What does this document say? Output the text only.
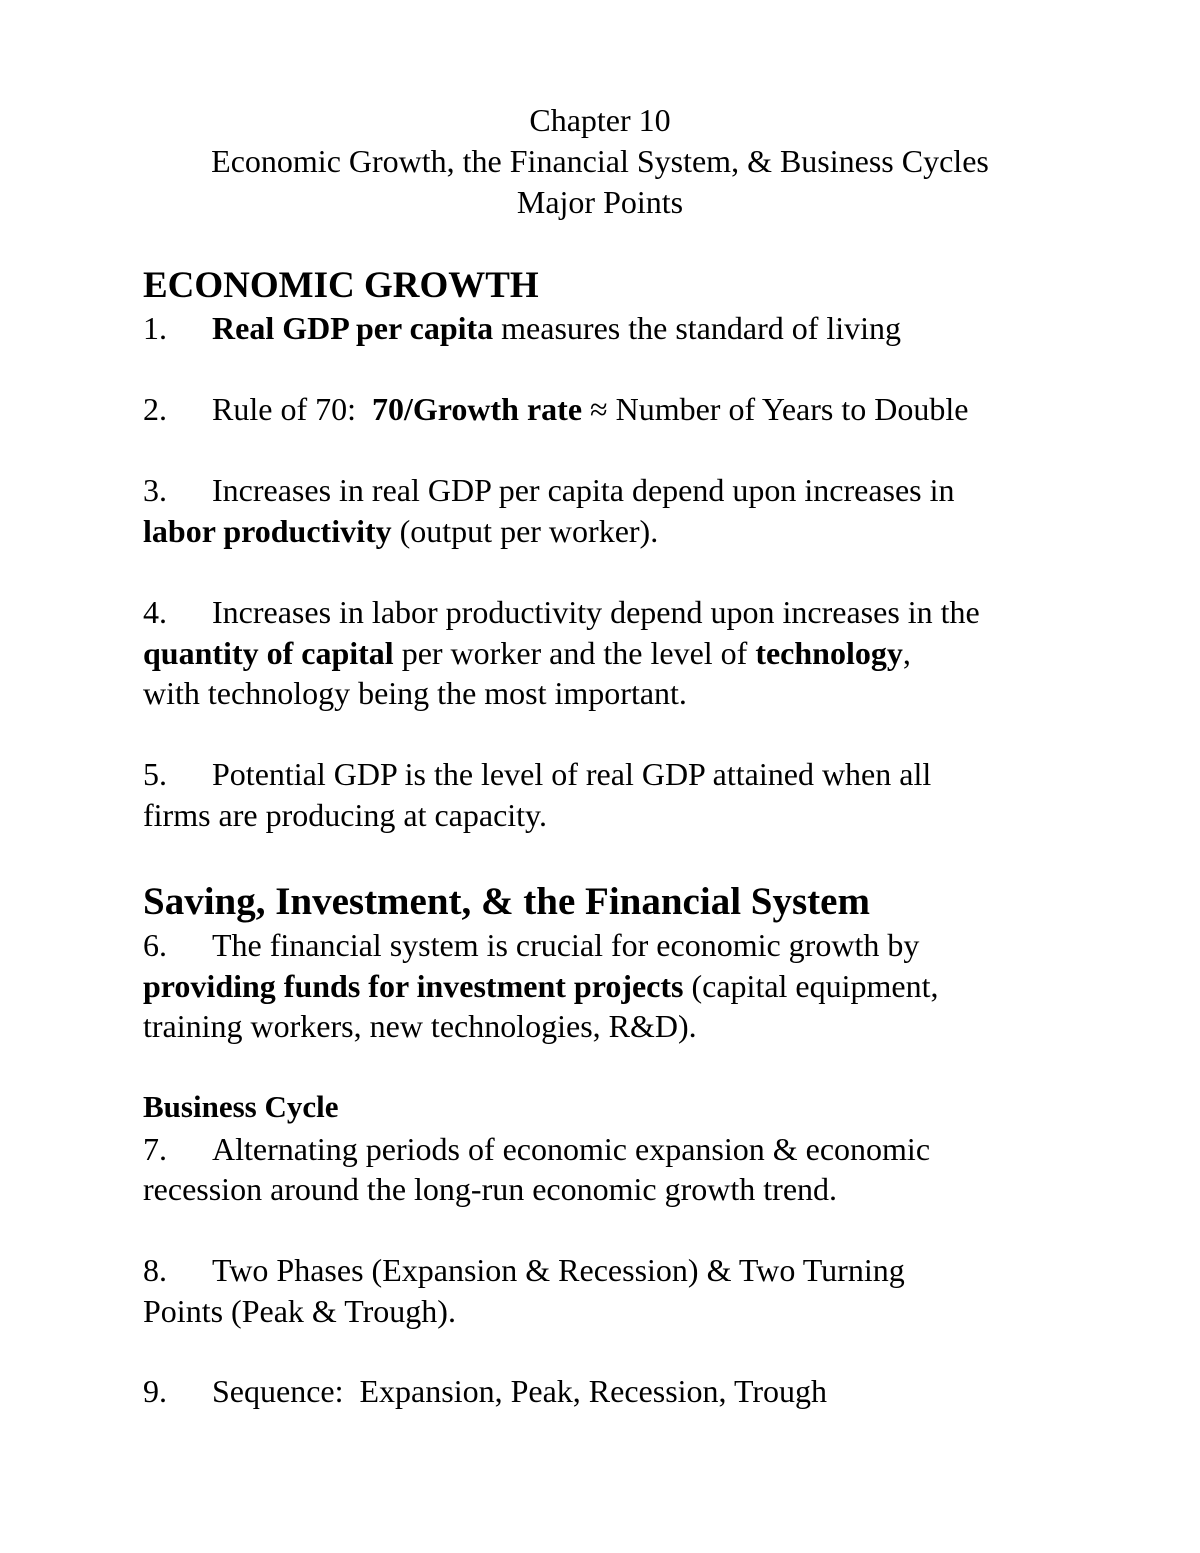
Chapter 10
Economic Growth, the Financial System, & Business Cycles
Major Points
ECONOMIC GROWTH
1. Real GDP per capita measures the standard of living
2. Rule of 70:  70/Growth rate ≈ Number of Years to Double
3. Increases in real GDP per capita depend upon increases in
labor productivity (output per worker).
4. Increases in labor productivity depend upon increases in the
quantity of capital per worker and the level of technology,
with technology being the most important.
5. Potential GDP is the level of real GDP attained when all
firms are producing at capacity.
Saving, Investment, & the Financial System
6. The financial system is crucial for economic growth by
providing funds for investment projects (capital equipment,
training workers, new technologies, R&D).
Business Cycle
7. Alternating periods of economic expansion & economic
recession around the long-run economic growth trend.
8. Two Phases (Expansion & Recession) & Two Turning
Points (Peak & Trough).
9. Sequence:  Expansion, Peak, Recession, Trough
